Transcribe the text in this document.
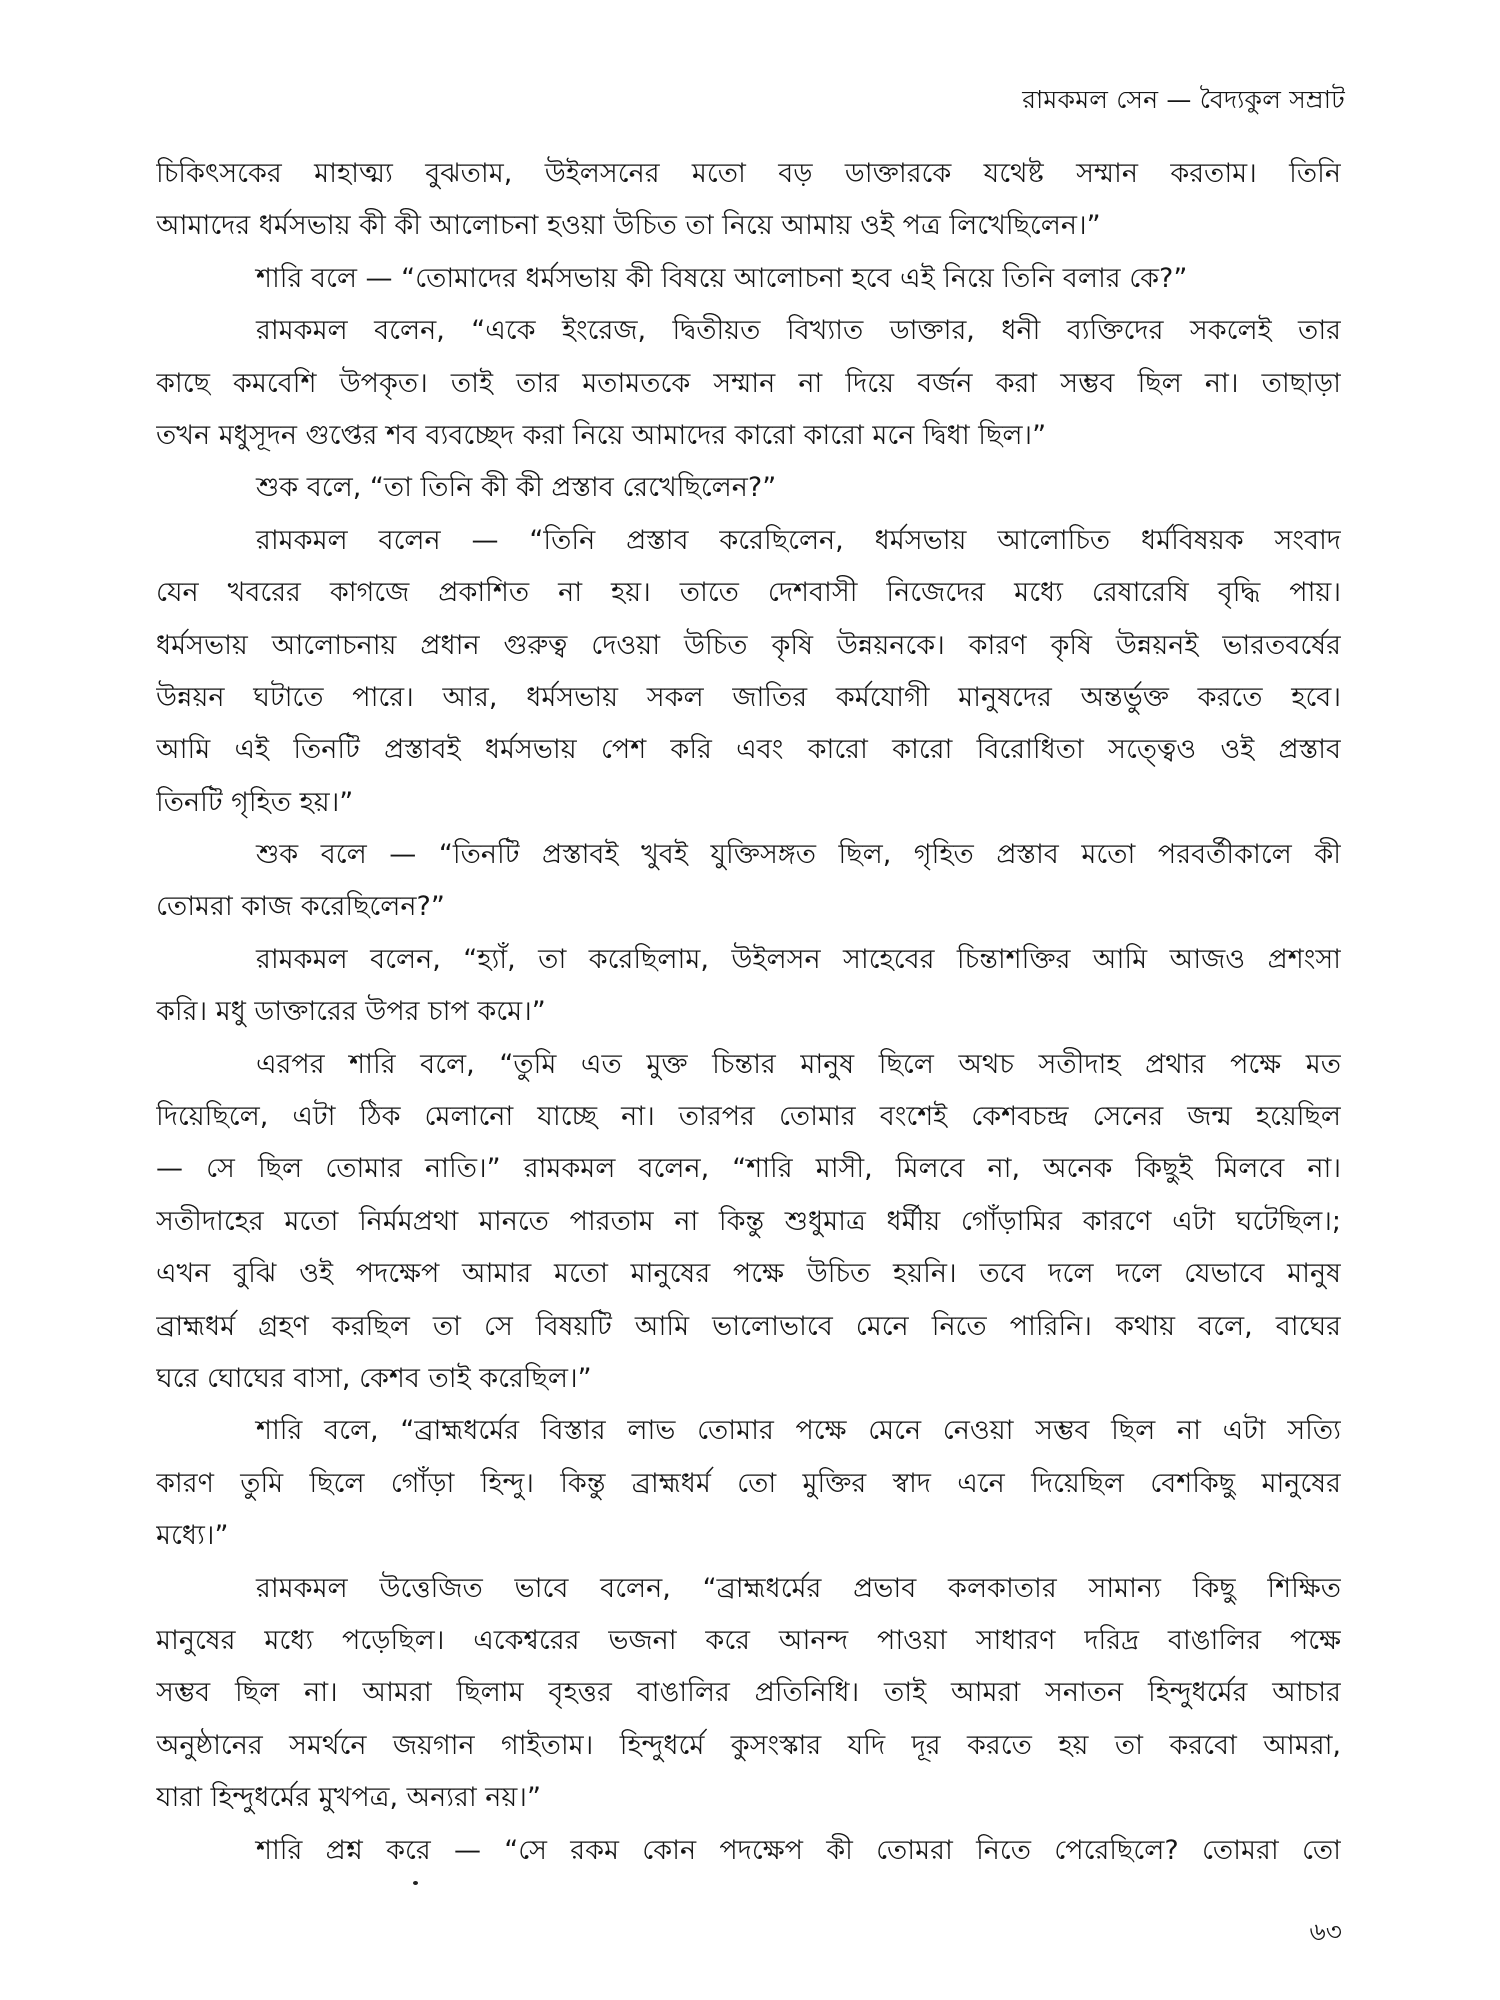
রামকমল সেন — বৈদ্যকুল সম্রাট
চিকিৎসকের মাহাত্ম্য বুঝতাম, উইলসনের মতো বড় ডাক্তারকে যথেষ্ট সম্মান করতাম। তিনি
আমাদের ধর্মসভায় কী কী আলোচনা হওয়া উচিত তা নিয়ে আমায় ওই পত্র লিখেছিলেন।”
শারি বলে — “তোমাদের ধর্মসভায় কী বিষয়ে আলোচনা হবে এই নিয়ে তিনি বলার কে?”
রামকমল বলেন, “একে ইংরেজ, দ্বিতীয়ত বিখ্যাত ডাক্তার, ধনী ব্যক্তিদের সকলেই তার
কাছে কমবেশি উপকৃত। তাই তার মতামতকে সম্মান না দিয়ে বর্জন করা সম্ভব ছিল না। তাছাড়া
তখন মধুসূদন গুপ্তের শব ব্যবচ্ছেদ করা নিয়ে আমাদের কারো কারো মনে দ্বিধা ছিল।”
শুক বলে, “তা তিনি কী কী প্রস্তাব রেখেছিলেন?”
রামকমল বলেন — “তিনি প্রস্তাব করেছিলেন, ধর্মসভায় আলোচিত ধর্মবিষয়ক সংবাদ
যেন খবরের কাগজে প্রকাশিত না হয়। তাতে দেশবাসী নিজেদের মধ্যে রেষারেষি বৃদ্ধি পায়।
ধর্মসভায় আলোচনায় প্রধান গুরুত্ব দেওয়া উচিত কৃষি উন্নয়নকে। কারণ কৃষি উন্নয়নই ভারতবর্ষের
উন্নয়ন ঘটাতে পারে। আর, ধর্মসভায় সকল জাতির কর্মযোগী মানুষদের অন্তর্ভুক্ত করতে হবে।
আমি এই তিনটি প্রস্তাবই ধর্মসভায় পেশ করি এবং কারো কারো বিরোধিতা সত্ত্বেও ওই প্রস্তাব
তিনটি গৃহিত হয়।”
শুক বলে — “তিনটি প্রস্তাবই খুবই যুক্তিসঙ্গত ছিল, গৃহিত প্রস্তাব মতো পরবর্তীকালে কী
তোমরা কাজ করেছিলেন?”
রামকমল বলেন, “হ্যাঁ, তা করেছিলাম, উইলসন সাহেবের চিন্তাশক্তির আমি আজও প্রশংসা
করি। মধু ডাক্তারের উপর চাপ কমে।”
এরপর শারি বলে, “তুমি এত মুক্ত চিন্তার মানুষ ছিলে অথচ সতীদাহ প্রথার পক্ষে মত
দিয়েছিলে, এটা ঠিক মেলানো যাচ্ছে না। তারপর তোমার বংশেই কেশবচন্দ্র সেনের জন্ম হয়েছিল
— সে ছিল তোমার নাতি।” রামকমল বলেন, “শারি মাসী, মিলবে না, অনেক কিছুই মিলবে না।
সতীদাহের মতো নির্মমপ্রথা মানতে পারতাম না কিন্তু শুধুমাত্র ধর্মীয় গোঁড়ামির কারণে এটা ঘটেছিল।;
এখন বুঝি ওই পদক্ষেপ আমার মতো মানুষের পক্ষে উচিত হয়নি। তবে দলে দলে যেভাবে মানুষ
ব্রাহ্মধর্ম গ্রহণ করছিল তা সে বিষয়টি আমি ভালোভাবে মেনে নিতে পারিনি। কথায় বলে, বাঘের
ঘরে ঘোঘের বাসা, কেশব তাই করেছিল।”
শারি বলে, “ব্রাহ্মধর্মের বিস্তার লাভ তোমার পক্ষে মেনে নেওয়া সম্ভব ছিল না এটা সত্যি
কারণ তুমি ছিলে গোঁড়া হিন্দু। কিন্তু ব্রাহ্মধর্ম তো মুক্তির স্বাদ এনে দিয়েছিল বেশকিছু মানুষের
মধ্যে।”
রামকমল উত্তেজিত ভাবে বলেন, “ব্রাহ্মধর্মের প্রভাব কলকাতার সামান্য কিছু শিক্ষিত
মানুষের মধ্যে পড়েছিল। একেশ্বরের ভজনা করে আনন্দ পাওয়া সাধারণ দরিদ্র বাঙালির পক্ষে
সম্ভব ছিল না। আমরা ছিলাম বৃহত্তর বাঙালির প্রতিনিধি। তাই আমরা সনাতন হিন্দুধর্মের আচার
অনুষ্ঠানের সমর্থনে জয়গান গাইতাম। হিন্দুধর্মে কুসংস্কার যদি দূর করতে হয় তা করবো আমরা,
যারা হিন্দুধর্মের মুখপত্র, অন্যরা নয়।”
শারি প্রশ্ন করে — “সে রকম কোন পদক্ষেপ কী তোমরা নিতে পেরেছিলে? তোমরা তো
৬৩
